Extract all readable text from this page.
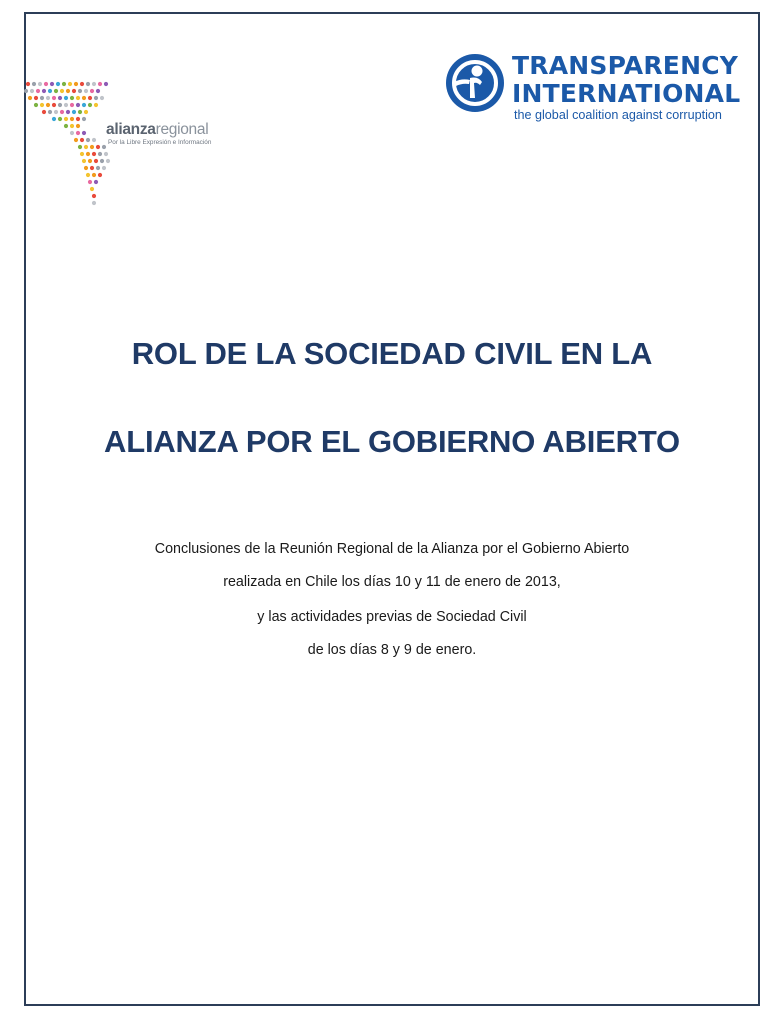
alianzaregional
Por la Libre Expresión e Información
TRANSPARENCY
INTERNATIONAL
the global coalition against corruption
ROL DE LA SOCIEDAD CIVIL EN LA
ALIANZA POR EL GOBIERNO ABIERTO
Conclusiones de la Reunión Regional de la Alianza por el Gobierno Abierto
realizada en Chile los días 10 y 11 de enero de 2013,
y las actividades previas de Sociedad Civil
de los días 8 y 9 de enero.
